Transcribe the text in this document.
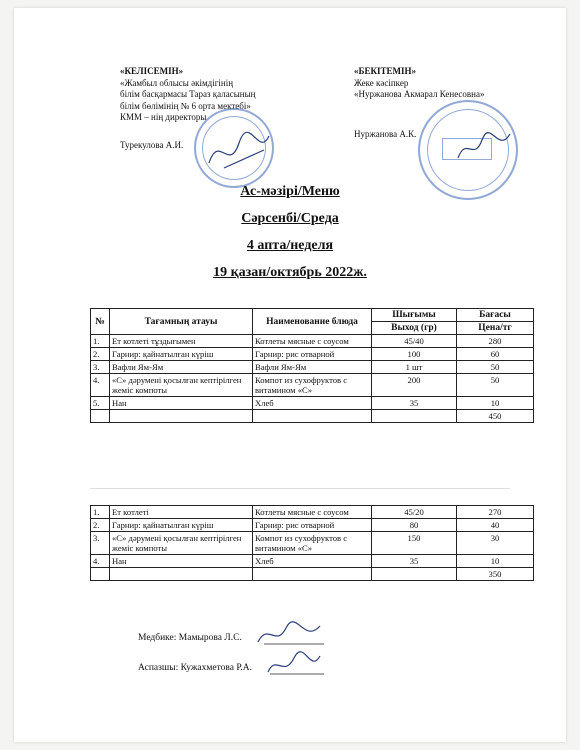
«КЕЛІСЕМІН»
«Жамбыл облысы әкімдігінің
білім басқармасы Тараз қаласының
білім бөлімінің № 6 орта мектебі»
КММ – нің директоры
Турекулова А.И.
«БЕКІТЕМІН»
Жеке кәсіпкер
«Нуржанова Акмарал Кенесовна»
Нуржанова А.К.
Ас-мәзірі/Меню
Сәрсенбі/Среда
4 апта/неделя
19 қазан/октябрь 2022ж.
№	Тағамның атауы	Наименование блюда	Шығымы	Бағасы
			Выход (гр)	Цена/тг
1.	Ет котлеті тұздығымен	Котлеты мясные с соусом	45/40	280
2.	Гарнир: қайнатылған күріш	Гарнир: рис отварной	100	60
3.	Вафли Ям-Ям	Вафли Ям-Ям	1 шт	50
4.	«С» дәрумені қосылған кептірілген жеміс компоты	Компот из сухофруктов с витамином «С»	200	50
5.	Нан	Хлеб	35	10
				450
1.	Ет котлеті	Котлеты мясные с соусом	45/20	270
2.	Гарнир: қайнатылған күріш	Гарнир: рис отварной	80	40
3.	«С» дәрумені қосылған кептірілген жеміс компоты	Компот из сухофруктов с витамином «С»	150	30
4.	Нан	Хлеб	35	10
				350
Медбике: Мамырова Л.С.
Аспазшы: Кужахметова Р.А.
